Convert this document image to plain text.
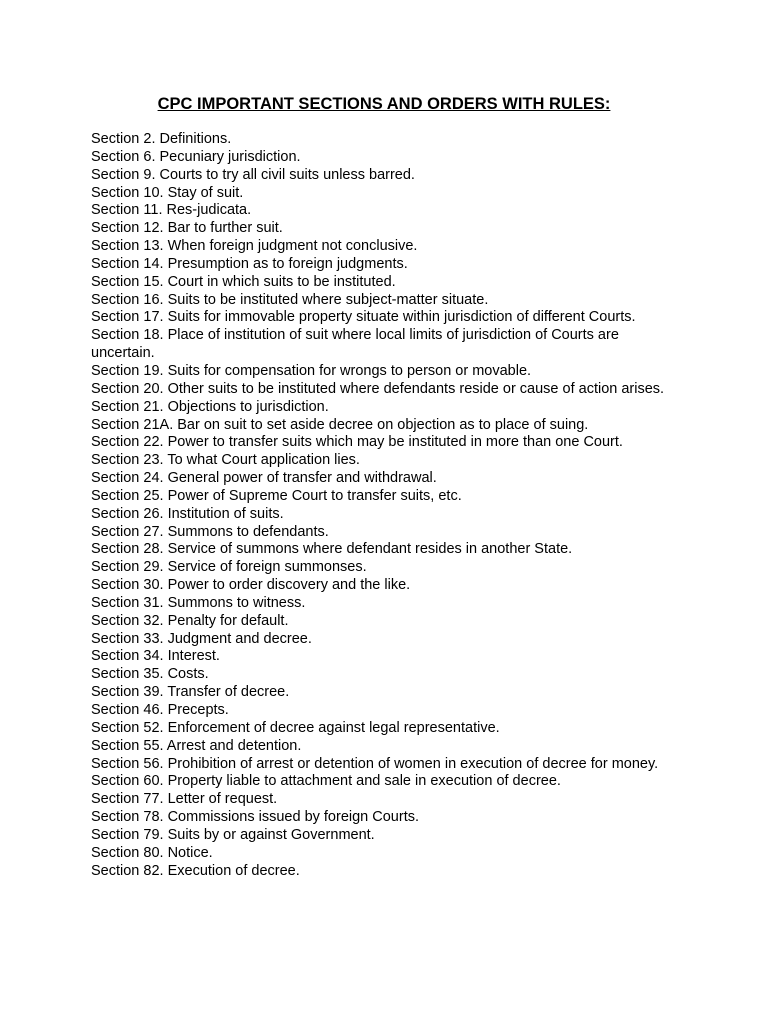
CPC IMPORTANT SECTIONS AND ORDERS WITH RULES:
Section 2. Definitions.
Section 6. Pecuniary jurisdiction.
Section 9. Courts to try all civil suits unless barred.
Section 10. Stay of suit.
Section 11. Res-judicata.
Section 12. Bar to further suit.
Section 13. When foreign judgment not conclusive.
Section 14. Presumption as to foreign judgments.
Section 15. Court in which suits to be instituted.
Section 16. Suits to be instituted where subject-matter situate.
Section 17. Suits for immovable property situate within jurisdiction of different Courts.
Section 18. Place of institution of suit where local limits of jurisdiction of Courts are uncertain.
Section 19. Suits for compensation for wrongs to person or movable.
Section 20. Other suits to be instituted where defendants reside or cause of action arises.
Section 21. Objections to jurisdiction.
Section 21A. Bar on suit to set aside decree on objection as to place of suing.
Section 22. Power to transfer suits which may be instituted in more than one Court.
Section 23. To what Court application lies.
Section 24. General power of transfer and withdrawal.
Section 25. Power of Supreme Court to transfer suits, etc.
Section 26. Institution of suits.
Section 27. Summons to defendants.
Section 28. Service of summons where defendant resides in another State.
Section 29. Service of foreign summonses.
Section 30. Power to order discovery and the like.
Section 31. Summons to witness.
Section 32. Penalty for default.
Section 33. Judgment and decree.
Section 34. Interest.
Section 35. Costs.
Section 39. Transfer of decree.
Section 46. Precepts.
Section 52. Enforcement of decree against legal representative.
Section 55. Arrest and detention.
Section 56. Prohibition of arrest or detention of women in execution of decree for money.
Section 60. Property liable to attachment and sale in execution of decree.
Section 77. Letter of request.
Section 78. Commissions issued by foreign Courts.
Section 79. Suits by or against Government.
Section 80. Notice.
Section 82. Execution of decree.
